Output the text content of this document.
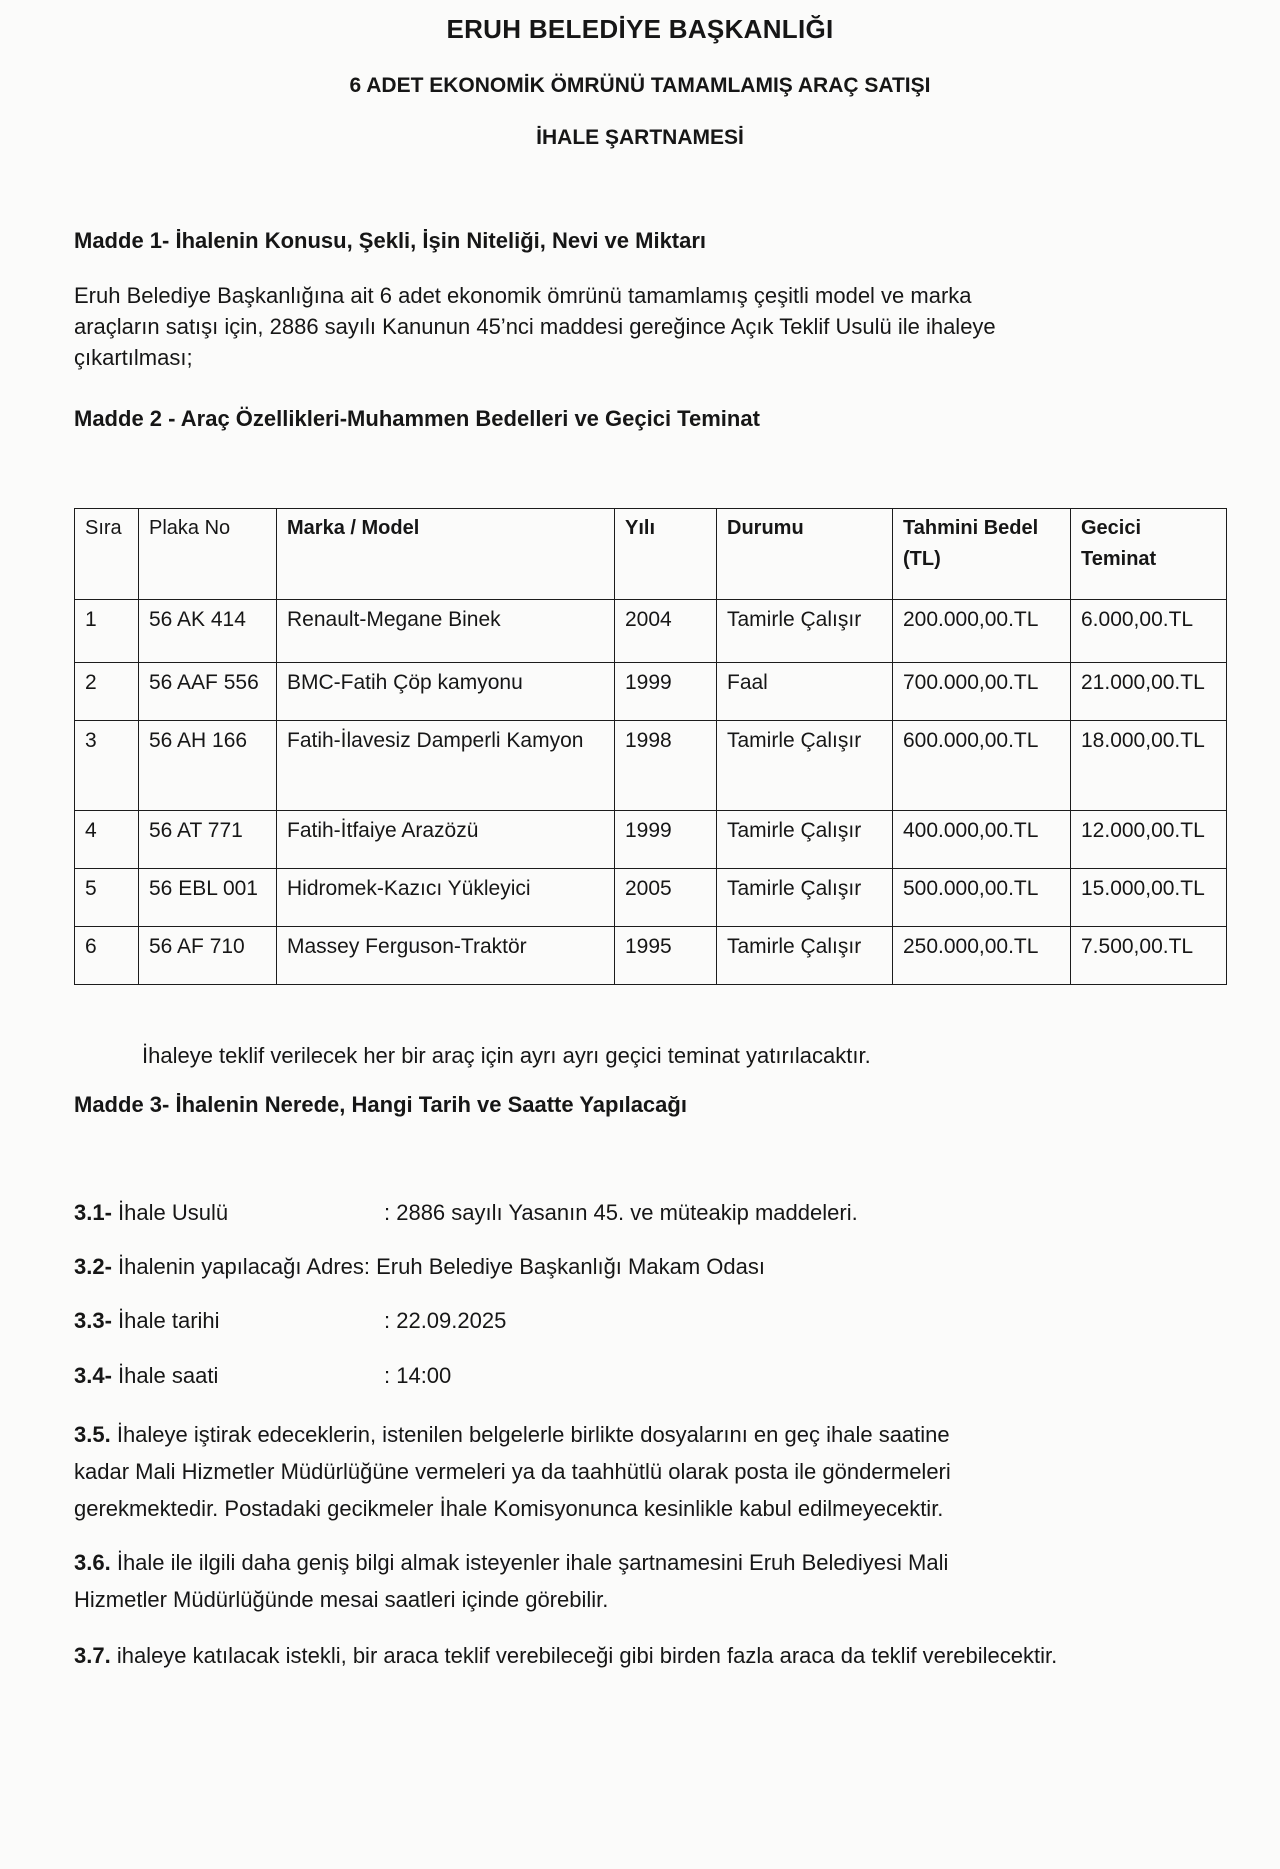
ERUH BELEDİYE BAŞKANLIĞI
6 ADET EKONOMİK ÖMRÜNÜ TAMAMLAMIŞ ARAÇ SATIŞI
İHALE ŞARTNAMESİ

Madde 1- İhalenin Konusu, Şekli, İşin Niteliği, Nevi ve Miktarı

Eruh Belediye Başkanlığına ait 6 adet ekonomik ömrünü tamamlamış çeşitli model ve marka
araçların satışı için, 2886 sayılı Kanunun 45’nci maddesi gereğince Açık Teklif Usulü ile ihaleye
çıkartılması;

Madde 2 - Araç Özellikleri-Muhammen Bedelleri ve Geçici Teminat

Sıra	Plaka No	Marka / Model	Yılı	Durumu	Tahmini Bedel (TL)	Gecici Teminat
1	56 AK 414	Renault-Megane Binek	2004	Tamirle Çalışır	200.000,00.TL	6.000,00.TL
2	56 AAF 556	BMC-Fatih Çöp kamyonu	1999	Faal	700.000,00.TL	21.000,00.TL
3	56 AH 166	Fatih-İlavesiz Damperli Kamyon	1998	Tamirle Çalışır	600.000,00.TL	18.000,00.TL
4	56 AT 771	Fatih-İtfaiye Arazözü	1999	Tamirle Çalışır	400.000,00.TL	12.000,00.TL
5	56 EBL 001	Hidromek-Kazıcı Yükleyici	2005	Tamirle Çalışır	500.000,00.TL	15.000,00.TL
6	56 AF 710	Massey Ferguson-Traktör	1995	Tamirle Çalışır	250.000,00.TL	7.500,00.TL

İhaleye teklif verilecek her bir araç için ayrı ayrı geçici teminat yatırılacaktır.

Madde 3- İhalenin Nerede, Hangi Tarih ve Saatte Yapılacağı

3.1- İhale Usulü	: 2886 sayılı Yasanın 45. ve müteakip maddeleri.
3.2- İhalenin yapılacağı Adres: Eruh Belediye Başkanlığı Makam Odası
3.3- İhale tarihi	: 22.09.2025
3.4- İhale saati	: 14:00

3.5. İhaleye iştirak edeceklerin, istenilen belgelerle birlikte dosyalarını en geç ihale saatine
kadar Mali Hizmetler Müdürlüğüne vermeleri ya da taahhütlü olarak posta ile göndermeleri
gerekmektedir. Postadaki gecikmeler İhale Komisyonunca kesinlikle kabul edilmeyecektir.

3.6. İhale ile ilgili daha geniş bilgi almak isteyenler ihale şartnamesini Eruh Belediyesi Mali
Hizmetler Müdürlüğünde mesai saatleri içinde görebilir.

3.7. ihaleye katılacak istekli, bir araca teklif verebileceği gibi birden fazla araca da teklif verebilecektir.
